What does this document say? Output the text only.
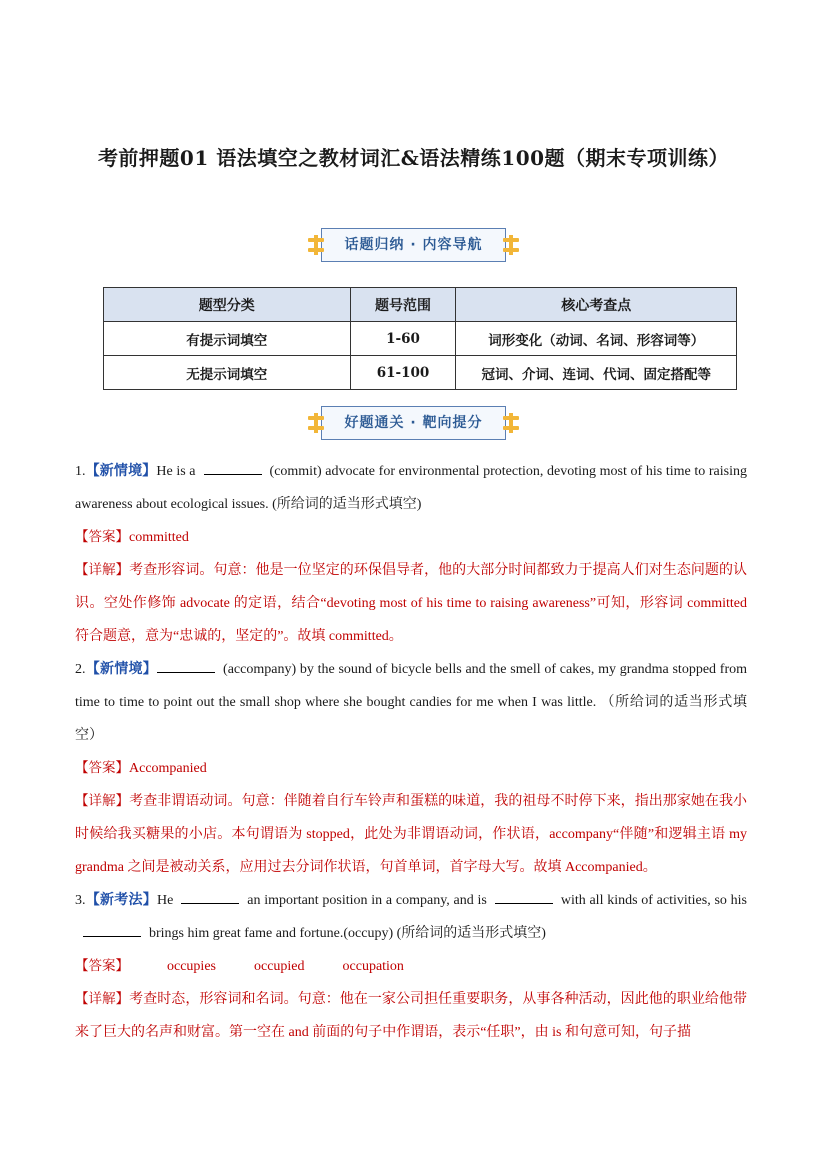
考前押题01 语法填空之教材词汇&语法精练100题（期末专项训练）
话题归纳 · 内容导航
题型分类	题号范围	核心考查点
有提示词填空	1-60	词形变化（动词、名词、形容词等）
无提示词填空	61-100	冠词、介词、连词、代词、固定搭配等
好题通关 · 靶向提分

1.【新情境】He is a	(commit) advocate for environmental protection, devoting most of his time to raising awareness about ecological issues. (所给词的适当形式填空)

【答案】committed

【详解】考查形容词。句意：他是一位坚定的环保倡导者，他的大部分时间都致力于提高人们对生态问题的认识。空处作修饰 advocate 的定语，结合“devoting most of his time to raising awareness”可知，形容词 committed 符合题意，意为“忠诚的，坚定的”。故填 committed。

2.【新情境】	(accompany) by the sound of bicycle bells and the smell of cakes, my grandma stopped from time to time to point out the small shop where she bought candies for me when I was little. （所给词的适当形式填空）

【答案】Accompanied

【详解】考查非谓语动词。句意：伴随着自行车铃声和蛋糕的味道，我的祖母不时停下来，指出那家她在我小时候给我买糖果的小店。本句谓语为 stopped，此处为非谓语动词，作状语，accompany“伴随”和逻辑主语 my grandma 之间是被动关系，应用过去分词作状语，句首单词，首字母大写。故填 Accompanied。

3.【新考法】He	an important position in a company, and is	with all kinds of activities, so hisbrings him great fame and fortune.(occupy) (所给词的适当形式填空)

【答案】	occupies	occupied	occupation

【详解】考查时态，形容词和名词。句意：他在一家公司担任重要职务，从事各种活动，因此他的职业给他带来了巨大的名声和财富。第一空在 and 前面的句子中作谓语，表示“任职”，由 is 和句意可知，句子描
